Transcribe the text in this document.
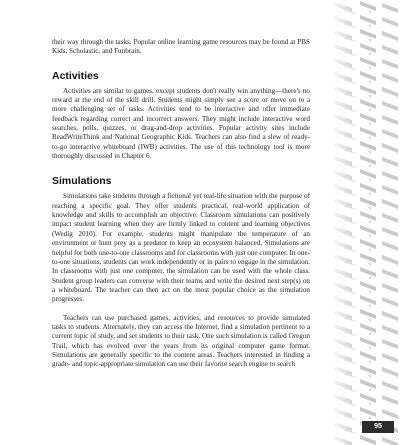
their way through the tasks. Popular online learning game resources may be found at PBS Kids, Scholastic, and Funbrain.

Activities

Activities are similar to games, except students don't really win anything—there's no reward at the end of the skill drill. Students might simply see a score or move on to a more challenging set of tasks. Activities tend to be interactive and offer immediate feedback regarding correct and incorrect answers. They might include interactive word searches, polls, quizzes, or drag-and-drop activities. Popular activity sites include ReadWriteThink and National Geographic Kids. Teachers can also find a slew of ready-to-go interactive whiteboard (IWB) activities. The use of this technology tool is more thoroughly discussed in Chapter 6.

Simulations

Simulations take students through a fictional yet real-life situation with the purpose of reaching a specific goal. They offer students practical, real-world application of knowledge and skills to accomplish an objective. Classroom simulations can positively impact student learning when they are firmly linked to content and learning objectives (Wedig 2010). For example, students might manipulate the temperature of an environment or hunt prey as a predator to keep an ecosystem balanced. Simulations are helpful for both one-to-one classrooms and for classrooms with just one computer. In one-to-one situations, students can work independently or in pairs to engage in the simulation. In classrooms with just one computer, the simulation can be used with the whole class. Student group leaders can converse with their teams and write the desired next step(s) on a whiteboard. The teacher can then act on the most popular choice as the simulation progresses.

Teachers can use purchased games, activities, and resources to provide simulated tasks to students. Alternately, they can access the Internet, find a simulation pertinent to a current topic of study, and set students to their task. One such simulation is called Oregon Trail, which has evolved over the years from its original computer game format. Simulations are generally specific to the content areas. Teachers interested in finding a grade- and topic-appropriate simulation can use their favorite search engine to search

95
